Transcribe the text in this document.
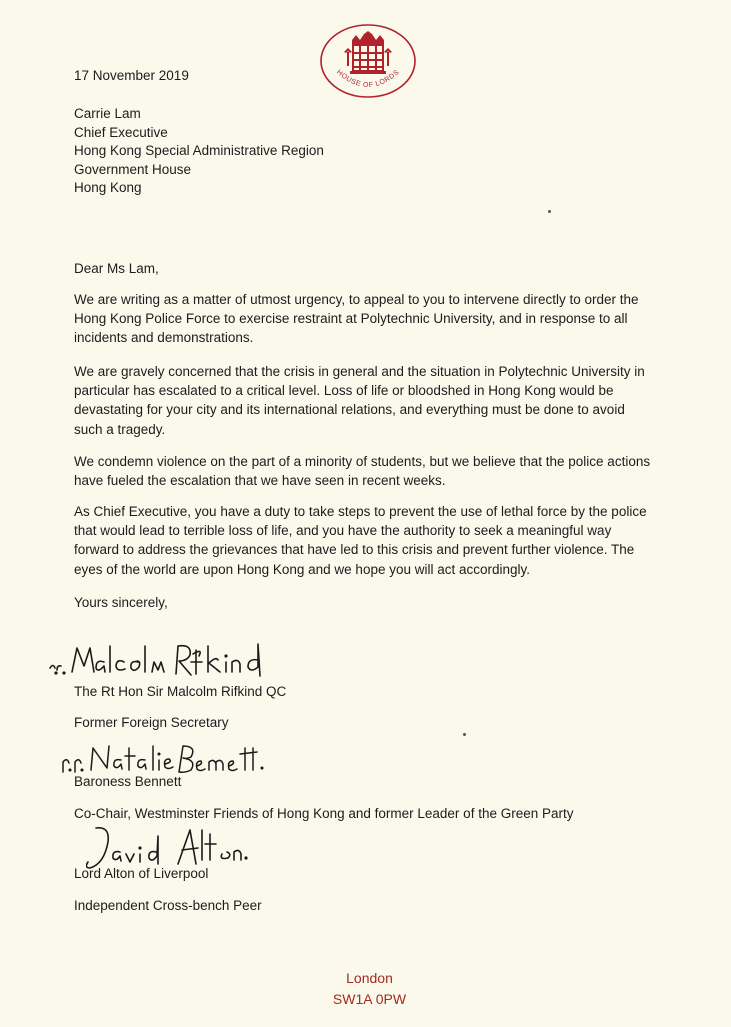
HOUSE OF LORDS
17 November 2019
Carrie Lam
Chief Executive
Hong Kong Special Administrative Region
Government House
Hong Kong
Dear Ms Lam,
We are writing as a matter of utmost urgency, to appeal to you to intervene directly to order the Hong Kong Police Force to exercise restraint at Polytechnic University, and in response to all incidents and demonstrations.
We are gravely concerned that the crisis in general and the situation in Polytechnic University in particular has escalated to a critical level. Loss of life or bloodshed in Hong Kong would be devastating for your city and its international relations, and everything must be done to avoid such a tragedy.
We condemn violence on the part of a minority of students, but we believe that the police actions have fueled the escalation that we have seen in recent weeks.
As Chief Executive, you have a duty to take steps to prevent the use of lethal force by the police that would lead to terrible loss of life, and you have the authority to seek a meaningful way forward to address the grievances that have led to this crisis and prevent further violence. The eyes of the world are upon Hong Kong and we hope you will act accordingly.
Yours sincerely,
The Rt Hon Sir Malcolm Rifkind QC
Former Foreign Secretary
Baroness Bennett
Co-Chair, Westminster Friends of Hong Kong and former Leader of the Green Party
Lord Alton of Liverpool
Independent Cross-bench Peer
London
SW1A 0PW
